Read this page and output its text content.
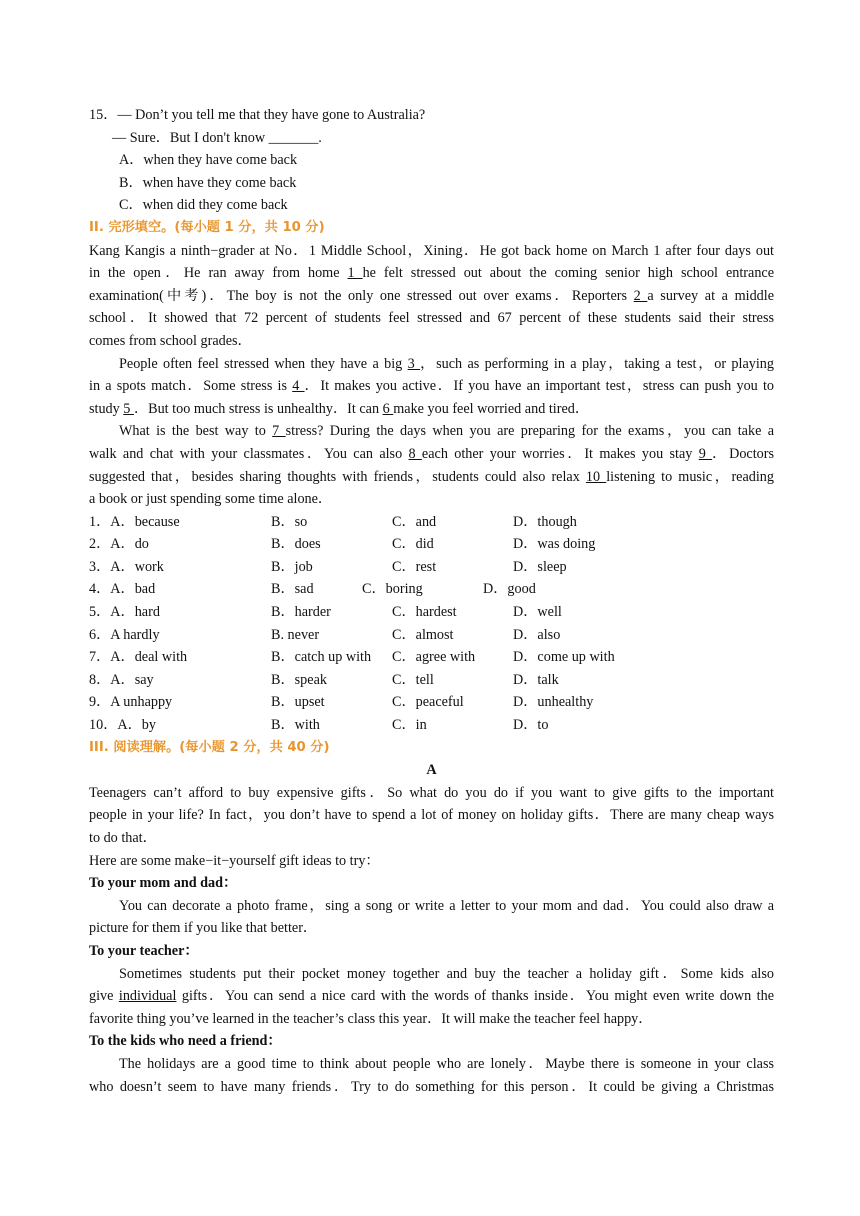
15．— Don’t you tell me that they have gone to Australia?
— Sure．But I don't know _______.
A．when they have come back
B．when have they come back
C．when did they come back
II. 完形填空。(每小题 1 分，共 10 分)
Kang Kangis a ninth−grader at No．1 Middle School，Xining．He got back home on March 1 after four days out
in the open．He ran away from home 1 he felt stressed out about the coming senior high school entrance
examination(中考)．The boy is not the only one stressed out over exams．Reporters 2 a survey at a middle
school．It showed that 72 percent of students feel stressed and 67 percent of these students said their stress
comes from school grades．
People often feel stressed when they have a big 3 ，such as performing in a play，taking a test，or playing
in a spots match．Some stress is 4 ．It makes you active．If you have an important test，stress can push you to
study 5 ．But too much stress is unhealthy．It can 6 make you feel worried and tired．
What is the best way to 7 stress? During the days when you are preparing for the exams，you can take a
walk and chat with your classmates．You can also 8 each other your worries．It makes you stay 9 ．Doctors
suggested that，besides sharing thoughts with friends，students could also relax 10 listening to music，reading
a book or just spending some time alone．
1．A．because	B．so	C．and	D．though
2．A．do	B．does	C．did	D．was doing
3．A．work	B．job	C．rest	D．sleep
4．A．bad	B．sad	C．boring	D．good
5．A．hard	B．harder	C．hardest	D．well
6．A hardly	B. never	C．almost	D．also
7．A．deal with	B．catch up with	C．agree with	D．come up with
8．A．say	B．speak	C．tell	D．talk
9．A unhappy	B．upset	C．peaceful	D．unhealthy
10．A．by	B．with	C．in	D．to
III. 阅读理解。(每小题 2 分，共 40 分)
A
Teenagers can’t afford to buy expensive gifts．So what do you do if you want to give gifts to the important
people in your life? In fact，you don’t have to spend a lot of money on holiday gifts．There are many cheap ways
to do that．
Here are some make−it−yourself gift ideas to try：
To your mom and dad：
You can decorate a photo frame，sing a song or write a letter to your mom and dad．You could also draw a
picture for them if you like that better．
To your teacher：
Sometimes students put their pocket money together and buy the teacher a holiday gift．Some kids also
give individual gifts．You can send a nice card with the words of thanks inside．You might even write down the
favorite thing you’ve learned in the teacher’s class this year．It will make the teacher feel happy．
To the kids who need a friend：
The holidays are a good time to think about people who are lonely．Maybe there is someone in your class
who doesn’t seem to have many friends．Try to do something for this person．It could be giving a Christmas
